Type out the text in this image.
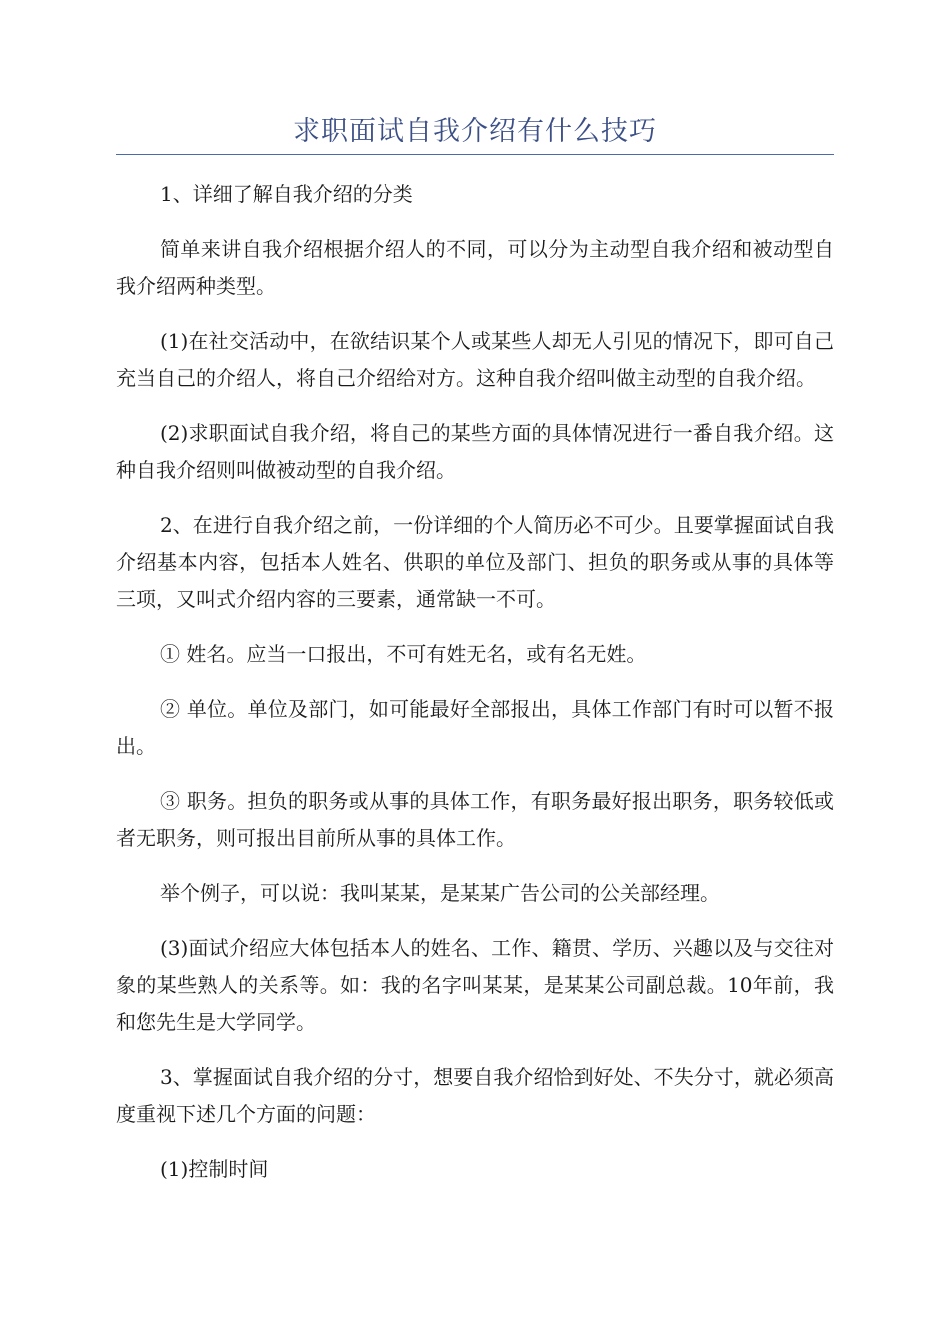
求职面试自我介绍有什么技巧

1、详细了解自我介绍的分类

简单来讲自我介绍根据介绍人的不同，可以分为主动型自我介绍和被动型自我介绍两种类型。

(1)在社交活动中，在欲结识某个人或某些人却无人引见的情况下，即可自己充当自己的介绍人，将自己介绍给对方。这种自我介绍叫做主动型的自我介绍。

(2)求职面试自我介绍，将自己的某些方面的具体情况进行一番自我介绍。这种自我介绍则叫做被动型的自我介绍。

2、在进行自我介绍之前，一份详细的个人简历必不可少。且要掌握面试自我介绍基本内容，包括本人姓名、供职的单位及部门、担负的职务或从事的具体等三项，又叫式介绍内容的三要素，通常缺一不可。

① 姓名。应当一口报出，不可有姓无名，或有名无姓。

② 单位。单位及部门，如可能最好全部报出，具体工作部门有时可以暂不报出。

③ 职务。担负的职务或从事的具体工作，有职务最好报出职务，职务较低或者无职务，则可报出目前所从事的具体工作。

举个例子，可以说：我叫某某，是某某广告公司的公关部经理。

(3)面试介绍应大体包括本人的姓名、工作、籍贯、学历、兴趣以及与交往对象的某些熟人的关系等。如：我的名字叫某某，是某某公司副总裁。10年前，我和您先生是大学同学。

3、掌握面试自我介绍的分寸，想要自我介绍恰到好处、不失分寸，就必须高度重视下述几个方面的问题：

(1)控制时间
